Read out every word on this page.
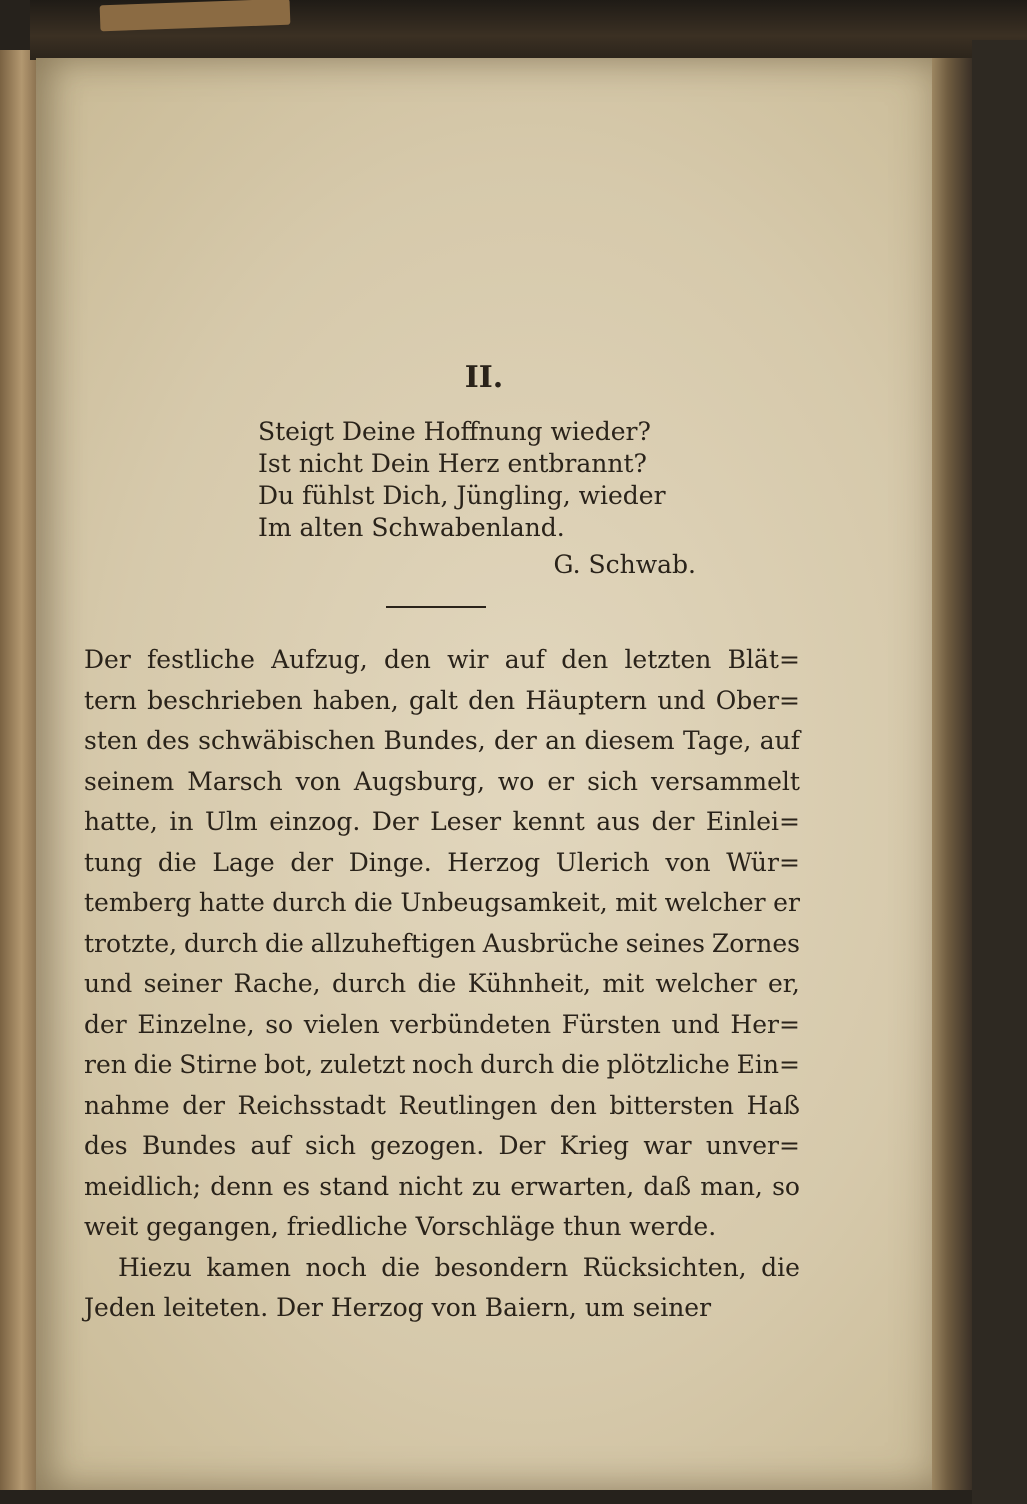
II.
Steigt Deine Hoffnung wieder?
Ist nicht Dein Herz entbrannt?
Du fühlst Dich, Jüngling, wieder
Im alten Schwabenland.
G. Schwab.
Der festliche Aufzug, den wir auf den letzten Blät=
tern beschrieben haben, galt den Häuptern und Ober=
sten des schwäbischen Bundes, der an diesem Tage, auf
seinem Marsch von Augsburg, wo er sich versammelt
hatte, in Ulm einzog. Der Leser kennt aus der Einlei=
tung die Lage der Dinge. Herzog Ulerich von Wür=
temberg hatte durch die Unbeugsamkeit, mit welcher er
trotzte, durch die allzuheftigen Ausbrüche seines Zornes
und seiner Rache, durch die Kühnheit, mit welcher er,
der Einzelne, so vielen verbündeten Fürsten und Her=
ren die Stirne bot, zuletzt noch durch die plötzliche Ein=
nahme der Reichsstadt Reutlingen den bittersten Haß
des Bundes auf sich gezogen. Der Krieg war unver=
meidlich; denn es stand nicht zu erwarten, daß man, so
weit gegangen, friedliche Vorschläge thun werde.
Hiezu kamen noch die besondern Rücksichten, die
Jeden leiteten. Der Herzog von Baiern, um seiner
